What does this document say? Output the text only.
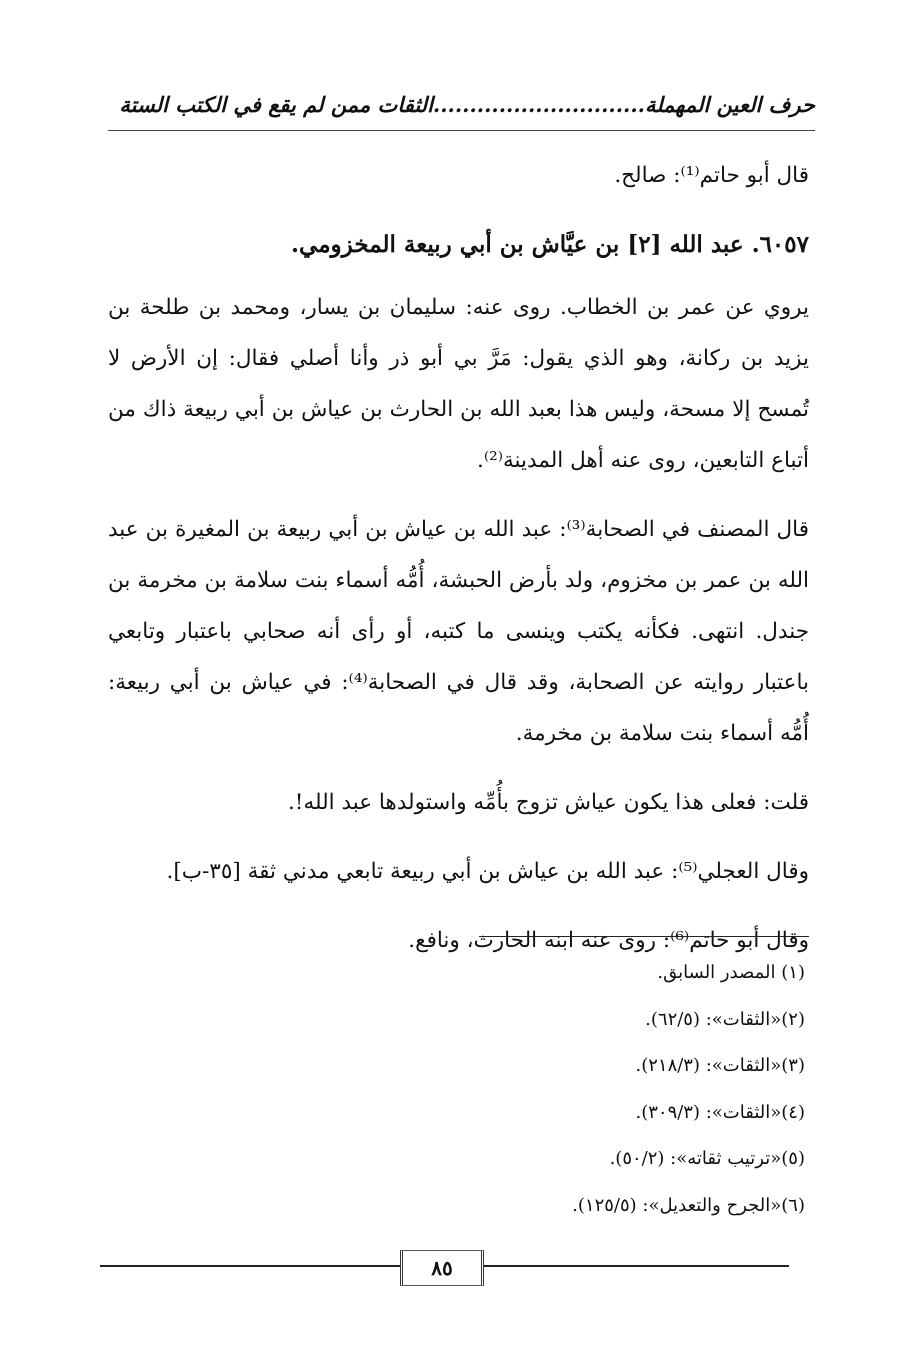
حرف العين المهملة.............................الثقات ممن لم يقع في الكتب الستة

قال أبو حاتم⁽¹⁾: صالح.

٦٠٥٧. عبد الله [٢] بن عيَّاش بن أبي ربيعة المخزومي.

يروي عن عمر بن الخطاب. روى عنه: سليمان بن يسار، ومحمد بن طلحة بن يزيد بن ركانة، وهو الذي يقول: مَرَّ بي أبو ذر وأنا أصلي فقال: إن الأرض لا تُمسح إلا مسحة، وليس هذا بعبد الله بن الحارث بن عياش بن أبي ربيعة ذاك من أتباع التابعين، روى عنه أهل المدينة⁽²⁾.

قال المصنف في الصحابة⁽³⁾: عبد الله بن عياش بن أبي ربيعة بن المغيرة بن عبد الله بن عمر بن مخزوم، ولد بأرض الحبشة، أُمُّه أسماء بنت سلامة بن مخرمة بن جندل. انتهى. فكأنه يكتب وينسى ما كتبه، أو رأى أنه صحابي باعتبار وتابعي باعتبار روايته عن الصحابة، وقد قال في الصحابة⁽⁴⁾: في عياش بن أبي ربيعة: أُمُّه أسماء بنت سلامة بن مخرمة.

قلت: فعلى هذا يكون عياش تزوج بأُمِّه واستولدها عبد الله!.

وقال العجلي⁽⁵⁾: عبد الله بن عياش بن أبي ربيعة تابعي مدني ثقة [٣٥-ب].

وقال أبو حاتم⁽⁶⁾: روى عنه ابنه الحارث، ونافع.

(١) المصدر السابق.
(٢)«الثقات»: (٦٢/٥).
(٣)«الثقات»: (٢١٨/٣).
(٤)«الثقات»: (٣٠٩/٣).
(٥)«ترتيب ثقاته»: (٥٠/٢).
(٦)«الجرح والتعديل»: (١٢٥/٥).
٨٥
